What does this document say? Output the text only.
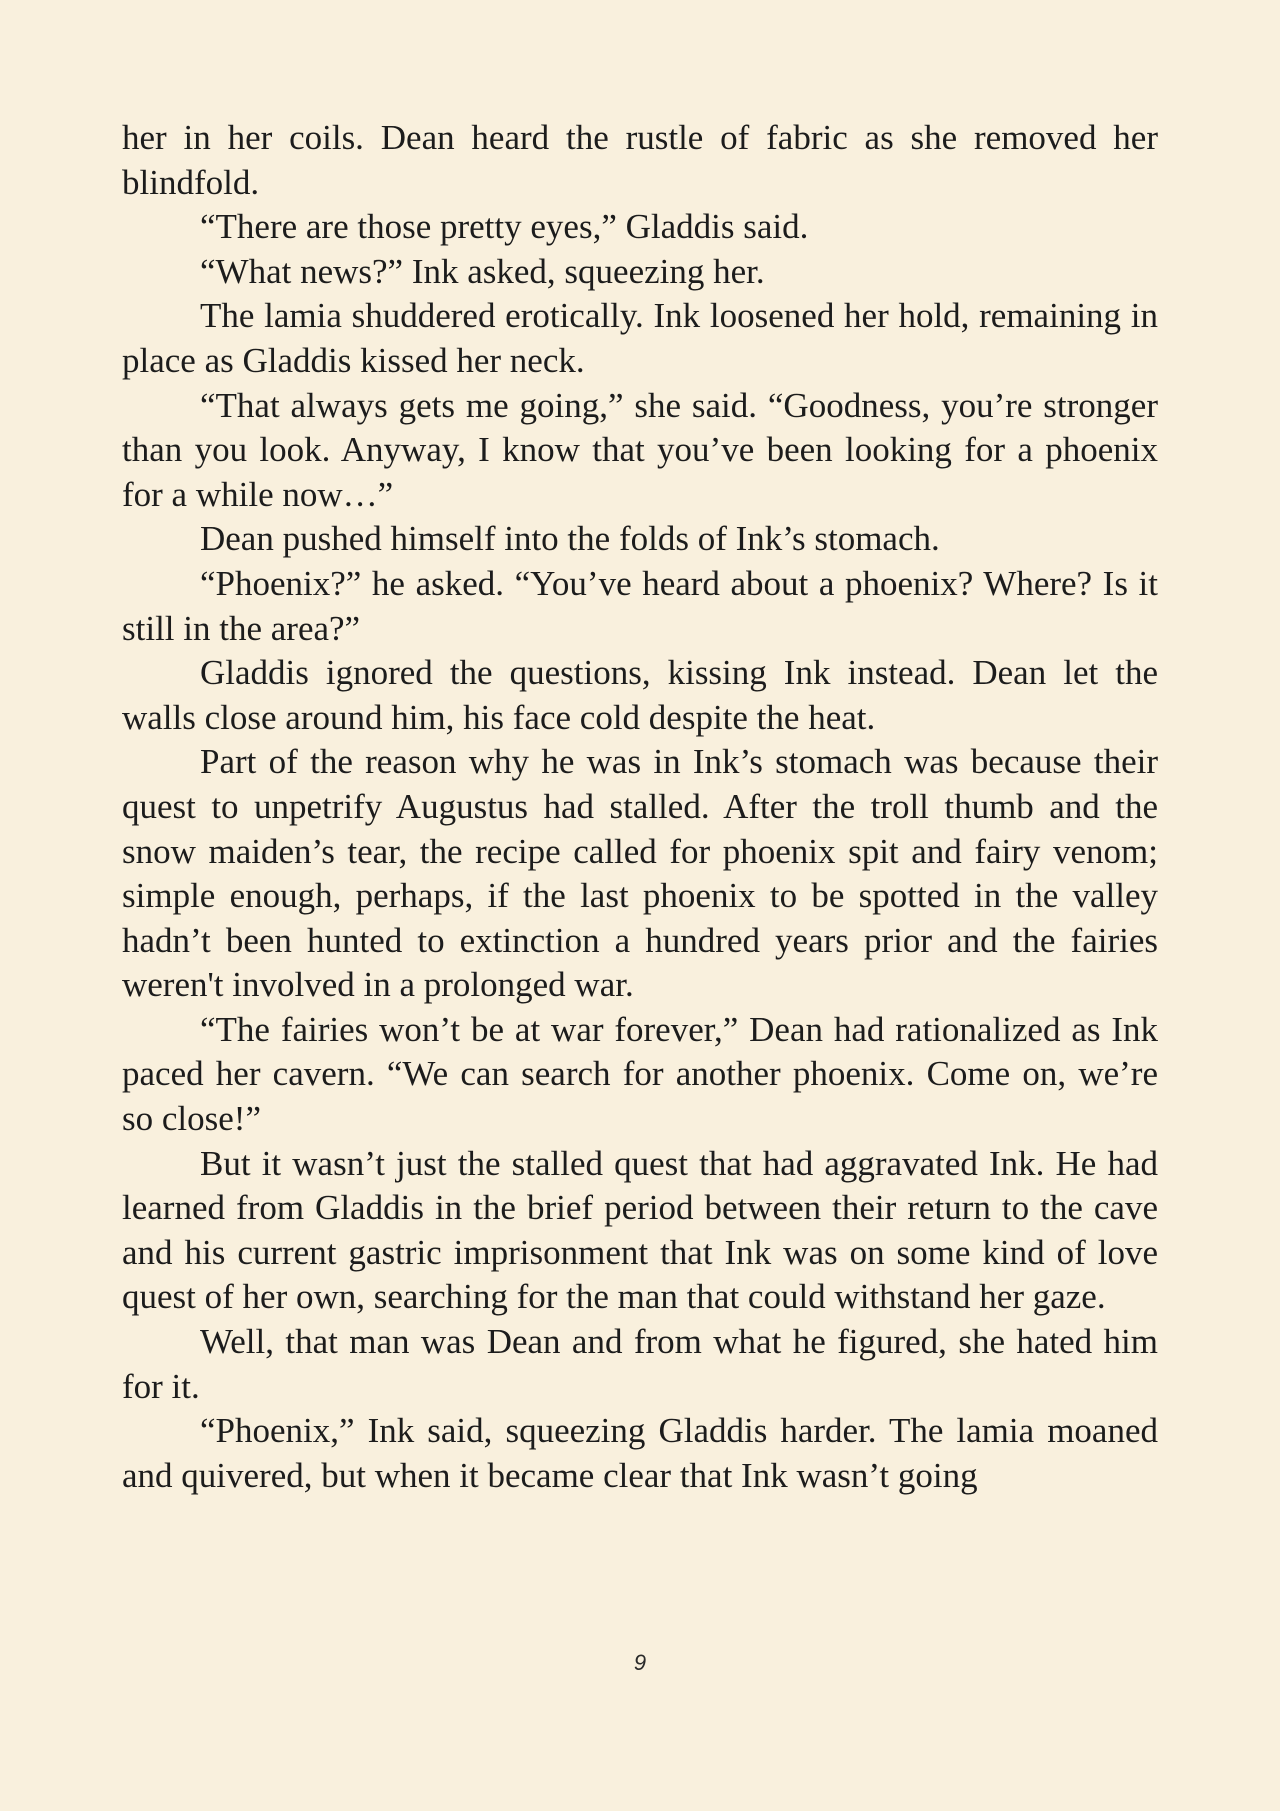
her in her coils. Dean heard the rustle of fabric as she removed her blindfold.

“There are those pretty eyes,” Gladdis said.

“What news?” Ink asked, squeezing her.

The lamia shuddered erotically. Ink loosened her hold, remaining in place as Gladdis kissed her neck.

“That always gets me going,” she said. “Goodness, you’re stronger than you look. Anyway, I know that you’ve been looking for a phoenix for a while now…”

Dean pushed himself into the folds of Ink’s stomach.

“Phoenix?” he asked. “You’ve heard about a phoenix? Where? Is it still in the area?”

Gladdis ignored the questions, kissing Ink instead. Dean let the walls close around him, his face cold despite the heat.

Part of the reason why he was in Ink’s stomach was because their quest to unpetrify Augustus had stalled. After the troll thumb and the snow maiden’s tear, the recipe called for phoenix spit and fairy venom; simple enough, perhaps, if the last phoenix to be spotted in the valley hadn’t been hunted to extinction a hundred years prior and the fairies weren't involved in a prolonged war.

“The fairies won’t be at war forever,” Dean had rationalized as Ink paced her cavern. “We can search for another phoenix. Come on, we’re so close!”

But it wasn’t just the stalled quest that had aggravated Ink. He had learned from Gladdis in the brief period between their return to the cave and his current gastric imprisonment that Ink was on some kind of love quest of her own, searching for the man that could withstand her gaze.

Well, that man was Dean and from what he figured, she hated him for it.

“Phoenix,” Ink said, squeezing Gladdis harder. The lamia moaned and quivered, but when it became clear that Ink wasn’t going

9
